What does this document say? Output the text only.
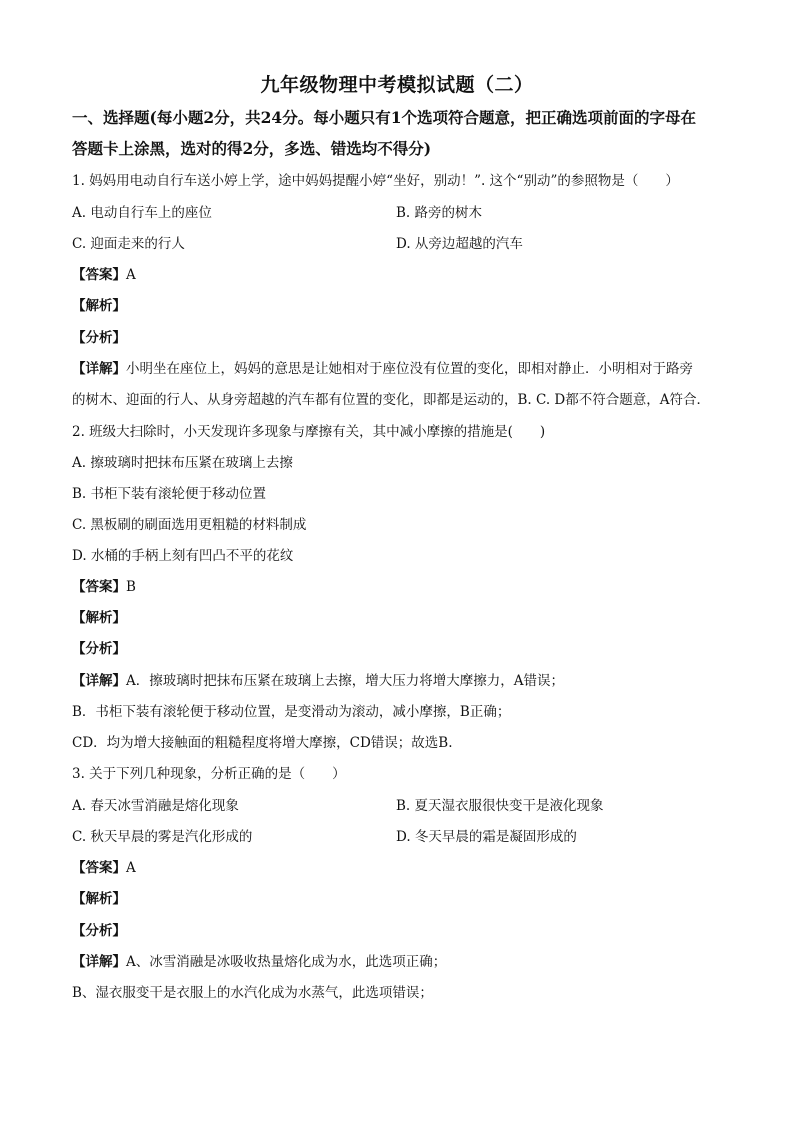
九年级物理中考模拟试题（二）
一、选择题(每小题2分，共24分。每小题只有1个选项符合题意，把正确选项前面的字母在
答题卡上涂黑，选对的得2分，多选、错选均不得分)
1. 妈妈用电动自行车送小婷上学，途中妈妈提醒小婷“坐好，别动！”. 这个“别动”的参照物是（　　）
A. 电动自行车上的座位	B. 路旁的树木
C. 迎面走来的行人	D. 从旁边超越的汽车
【答案】A
【解析】
【分析】
【详解】小明坐在座位上，妈妈的意思是让她相对于座位没有位置的变化，即相对静止．小明相对于路旁
的树木、迎面的行人、从身旁超越的汽车都有位置的变化，即都是运动的，B. C. D都不符合题意，A符合．
2. 班级大扫除时，小天发现许多现象与摩擦有关，其中减小摩擦的措施是(　　)
A. 擦玻璃时把抹布压紧在玻璃上去擦
B. 书柜下装有滚轮便于移动位置
C. 黑板刷的刷面选用更粗糙的材料制成
D. 水桶的手柄上刻有凹凸不平的花纹
【答案】B
【解析】
【分析】
【详解】A．擦玻璃时把抹布压紧在玻璃上去擦，增大压力将增大摩擦力，A错误；
B．书柜下装有滚轮便于移动位置，是变滑动为滚动，减小摩擦，B正确；
CD．均为增大接触面的粗糙程度将增大摩擦，CD错误；故选B.
3. 关于下列几种现象，分析正确的是（　　）
A. 春天冰雪消融是熔化现象	B. 夏天湿衣服很快变干是液化现象
C. 秋天早晨的雾是汽化形成的	D. 冬天早晨的霜是凝固形成的
【答案】A
【解析】
【分析】
【详解】A、冰雪消融是冰吸收热量熔化成为水，此选项正确；
B、湿衣服变干是衣服上的水汽化成为水蒸气，此选项错误；
